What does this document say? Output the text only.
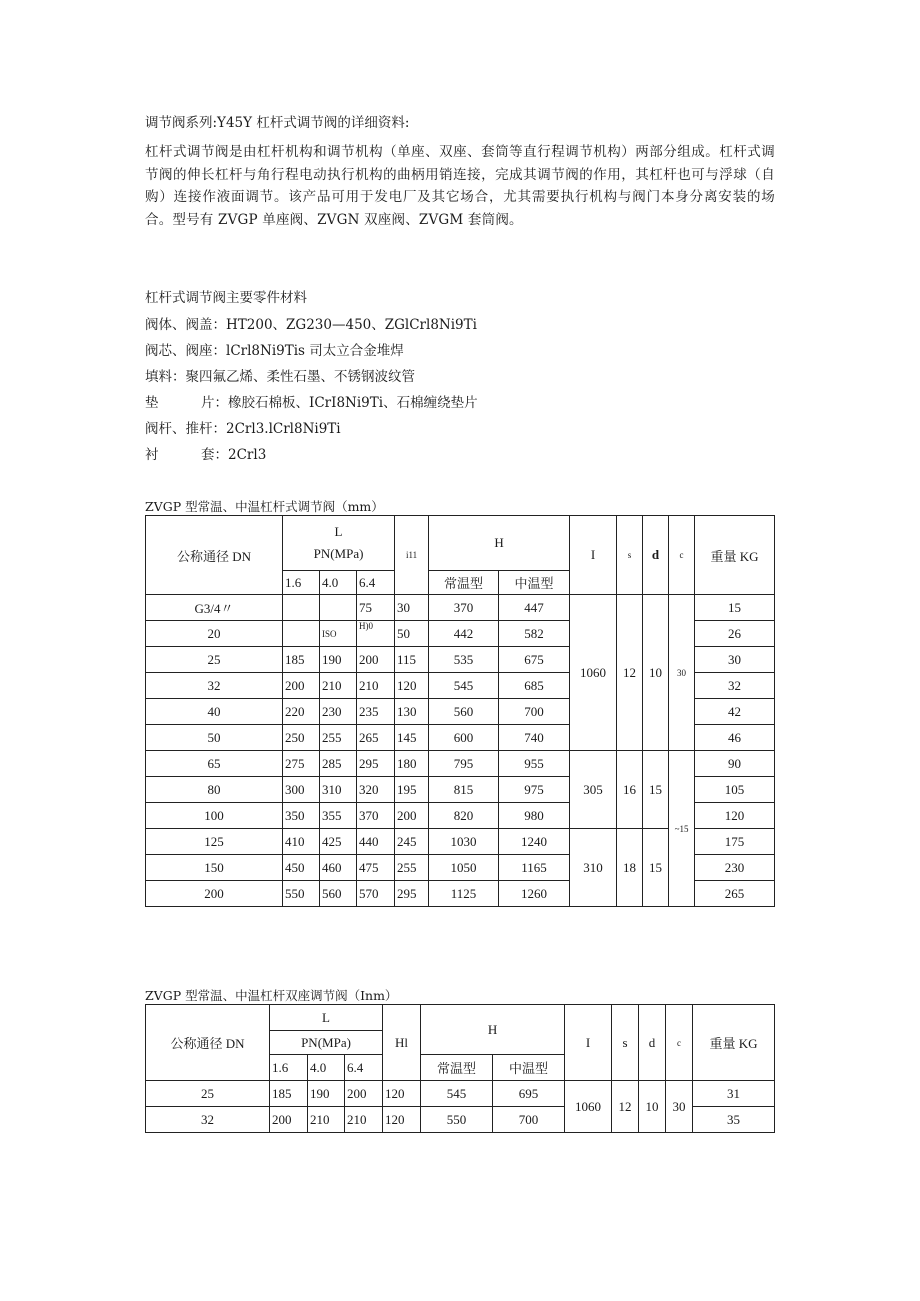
调节阀系列:Y45Y 杠杆式调节阀的详细资料:
杠杆式调节阀是由杠杆机构和调节机构（单座、双座、套筒等直行程调节机构）两部分组成。杠杆式调节阀的伸长杠杆与角行程电动执行机构的曲柄用销连接，完成其调节阀的作用，其杠杆也可与浮球（自购）连接作液面调节。该产品可用于发电厂及其它场合，尤其需要执行机构与阀门本身分离安装的场合。型号有 ZVGP 单座阀、ZVGN 双座阀、ZVGM 套筒阀。
杠杆式调节阀主要零件材料
阀体、阀盖：HT200、ZG230—450、ZGlCrl8Ni9Ti
阀芯、阀座：lCrl8Ni9Tis 司太立合金堆焊
填料：聚四氟乙烯、柔性石墨、不锈钢波纹管
垫	片：橡胶石棉板、ICrI8Ni9Ti、石棉缠绕垫片
阀杆、推杆：2Crl3.lCrl8Ni9Ti
衬	套：2Crl3
ZVGP 型常温、中温杠杆式调节阀（mm）
公称通径 DN	L
PN(MPa)			i11	H		I	s	d	c	重量 KG
	1.6	4.0	6.4		常温型	中温型					
G3/4〃			75	30	370	447	1060	12	10	30	15
20		ISO	H)0	50	442	582					26
25	185	190	200	115	535	675					30
32	200	210	210	120	545	685					32
40	220	230	235	130	560	700					42
50	250	255	265	145	600	740					46
65	275	285	295	180	795	955	305	16	15	~15	90
80	300	310	320	195	815	975					105
100	350	355	370	200	820	980					120
125	410	425	440	245	1030	1240	310	18	15		175
150	450	460	475	255	1050	1165					230
200	550	560	570	295	1125	1260					265
ZVGP 型常温、中温杠杆双座调节阀（Inm）
公称通径 DN	L			Hl	H		I	s	d	c	重量 KG
	PN(MPa)										
	1.6	4.0	6.4		常温型	中温型					
25	185	190	200	120	545	695	1060	12	10	30	31
32	200	210	210	120	550	700					35
